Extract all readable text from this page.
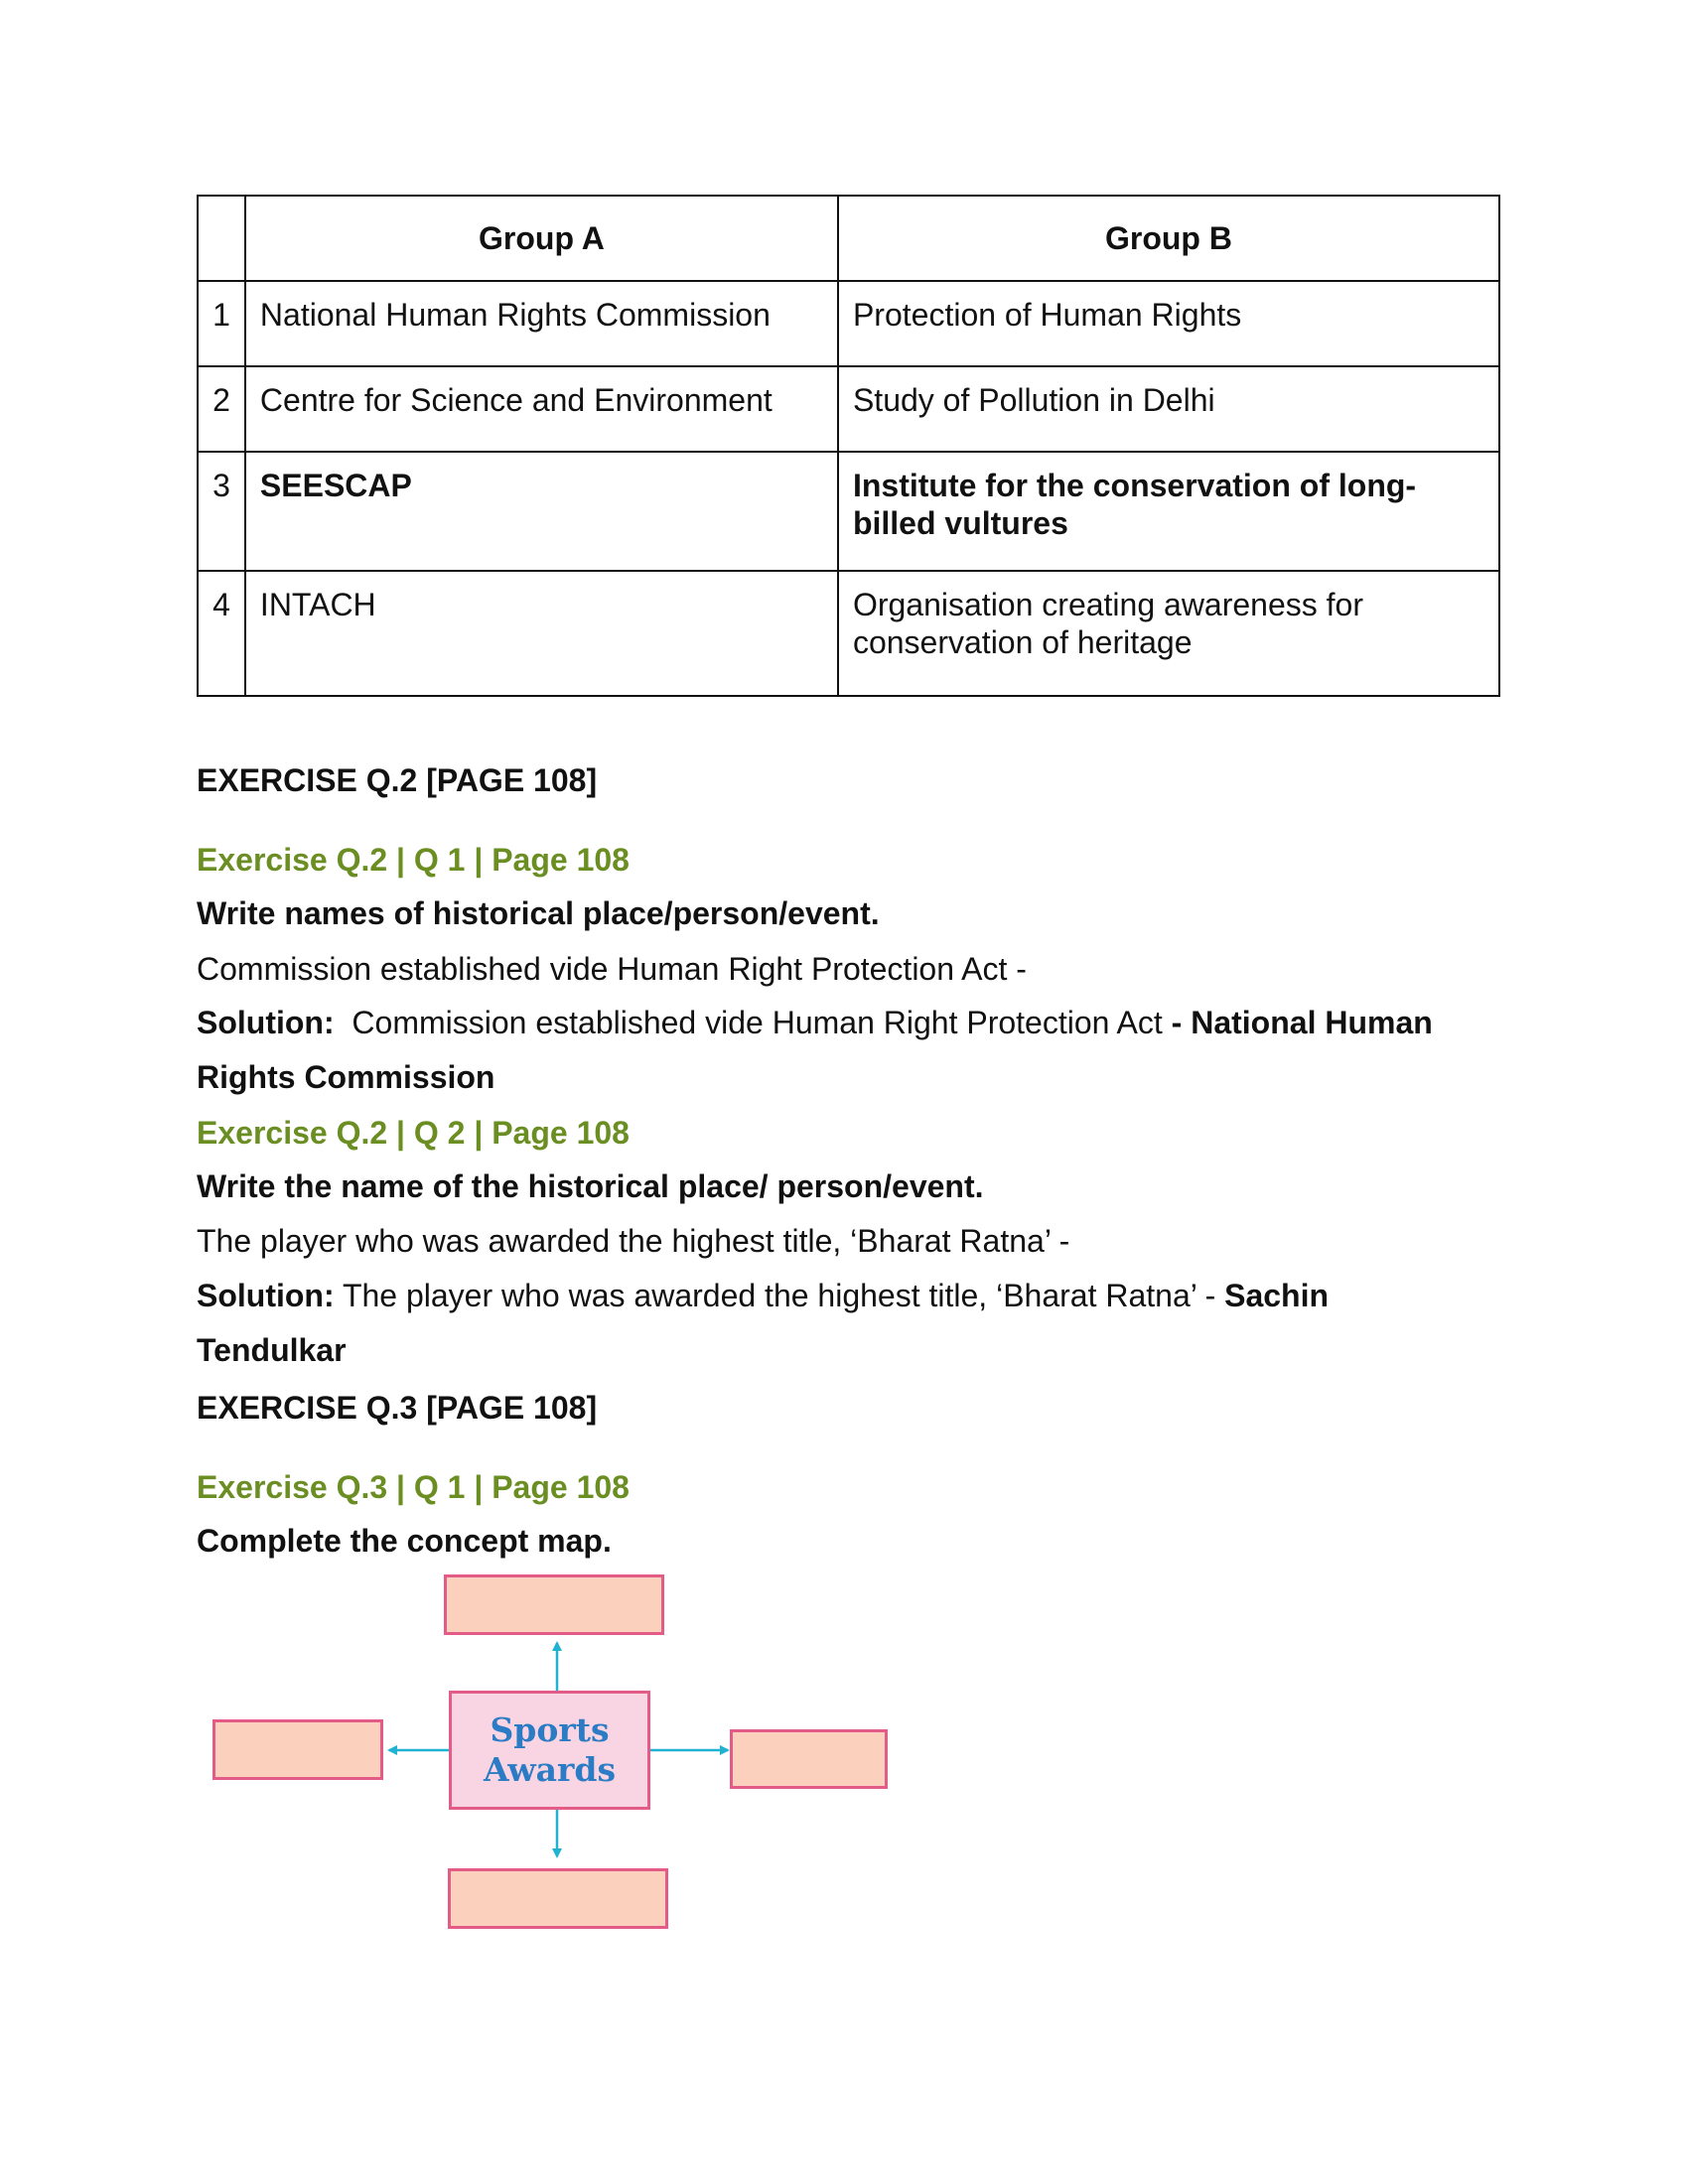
	Group A	Group B
1	National Human Rights Commission	Protection of Human Rights
2	Centre for Science and Environment	Study of Pollution in Delhi
3	SEESCAP	Institute for the conservation of long-billed vultures
4	INTACH	Organisation creating awareness for conservation of heritage
EXERCISE Q.2 [PAGE 108]
Exercise Q.2 | Q 1 | Page 108
Write names of historical place/person/event.
Commission established vide Human Right Protection Act -
Solution: Commission established vide Human Right Protection Act - National Human
Rights Commission
Exercise Q.2 | Q 2 | Page 108
Write the name of the historical place/ person/event.
The player who was awarded the highest title, ‘Bharat Ratna’ -
Solution: The player who was awarded the highest title, ‘Bharat Ratna’ - Sachin
Tendulkar
EXERCISE Q.3 [PAGE 108]
Exercise Q.3 | Q 1 | Page 108
Complete the concept map.
Sports
Awards
